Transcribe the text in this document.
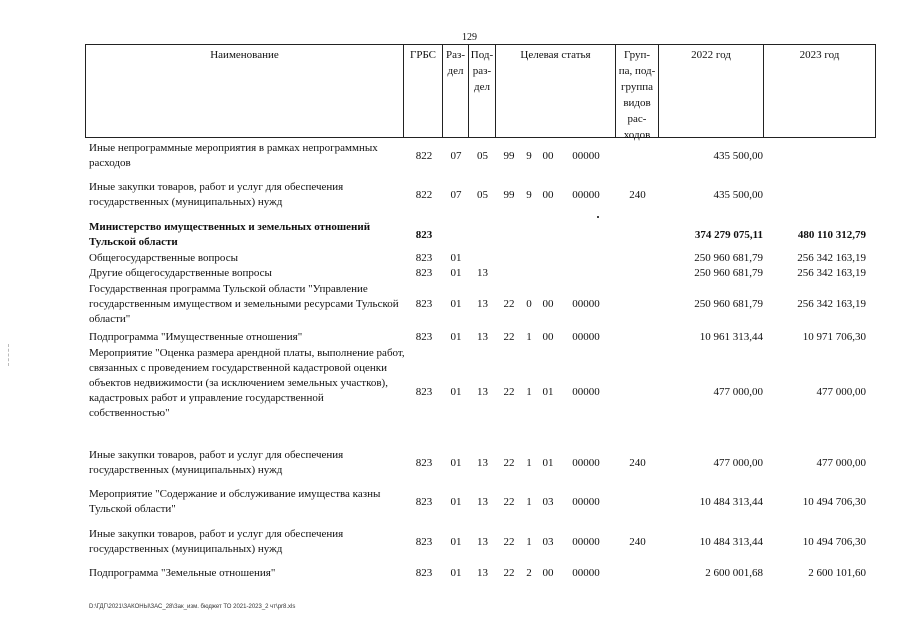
129
Наименование	ГРБС Раз-
дел
Под-
раз-
дел
Целевая статья	Груп-
па, под-
группа
видов
рас-
ходов
2022 год	2023 год
Иные непрограммные мероприятия в рамках непрограммных расходов
822	07	05	99	9 00	00000	435 500,00
Иные закупки товаров, работ и услуг для обеспечения государственных (муниципальных) нужд
822	07	05	99	9 00	00000	240	435 500,00
Министерство имущественных и земельных отношений Тульской области
823	374 279 075,11	480 110 312,79
Общегосударственные вопросы	823	01	250 960 681,79	256 342 163,19
Другие общегосударственные вопросы	823	01	13	250 960 681,79	256 342 163,19
Государственная программа Тульской области "Управление государственным имуществом и земельными ресурсами Тульской области"
823	01	13	22	0 00	00000	250 960 681,79	256 342 163,19
Подпрограмма "Имущественные отношения"	823	01	13	22	1 00	00000	10 961 313,44	10 971 706,30
Мероприятие "Оценка размера арендной платы, выполнение работ, связанных с проведением государственной кадастровой оценки объектов недвижимости (за исключением земельных участков), кадастровых работ и управление государственной собственностью"
823	01	13	22	1 01	00000	477 000,00	477 000,00
Иные закупки товаров, работ и услуг для обеспечения государственных (муниципальных) нужд
823	01	13	22	1 01	00000	240	477 000,00	477 000,00
Мероприятие "Содержание и обслуживание имущества казны Тульской области"
823	01	13	22	1 03	00000	10 484 313,44	10 494 706,30
Иные закупки товаров, работ и услуг для обеспечения государственных (муниципальных) нужд
823	01	13	22	1 03	00000	240	10 484 313,44	10 494 706,30
Подпрограмма "Земельные отношения"	823	01	13	22	2 00	00000	2 600 001,68	2 600 101,60
D:\ГДГ\2021\ЗАКОНЫ\ЗАС_28\Зак_изм. бюджет ТО 2021-2023_2 чт\pr8.xls
